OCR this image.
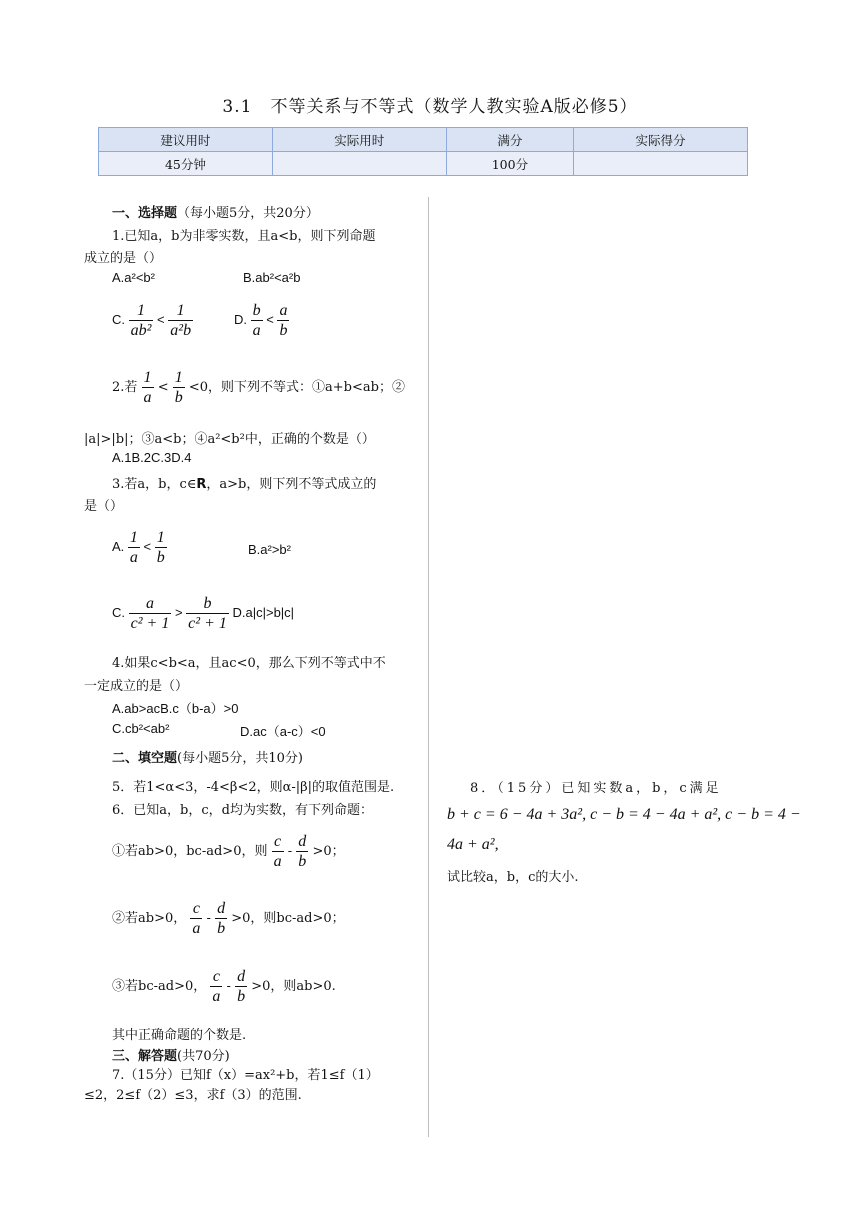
3.1　不等关系与不等式（数学人教实验A版必修5）
建议用时	实际用时	满分	实际得分
45分钟		100分	
一、选择题（每小题5分，共20分）
1.已知a，b为非零实数，且a<b，则下列命题
成立的是（）
A.a²<b²	B.ab²<a²b
C. $\frac{1}{\text{ab²}} < \frac{1}{\text{a²b}}$	D. $\frac{b}{a} < \frac{a}{b}$
2.若 $\frac{1}{a} < \frac{1}{b} <0$，则下列不等式：①a+b<ab；②
|a|>|b|；③a<b；④a²<b²中，正确的个数是（）
A.1B.2C.3D.4
3.若a，b，c∈R，a>b，则下列不等式成立的
是（）
A. $\frac{1}{a} < \frac{1}{b}$	B.a²>b²
C. $\frac{a}{\text{c² + 1}} > \frac{b}{\text{c² + 1}} D.a|c|>b|c|$
4.如果c<b<a，且ac<0，那么下列不等式中不
一定成立的是（）
A.ab>acB.c（b-a）>0
C.cb²<ab²	D.ac（a-c）<0
二、填空题(每小题5分，共10分)
5．若1<α<3，-4<β<2，则α-|β|的取值范围是.
6．已知a，b，c，d均为实数，有下列命题：
①若ab>0，bc-ad>0，则 $\frac{c}{a} - \frac{d}{b} >0$；
②若ab>0， $\frac{c}{a} - \frac{d}{b} >0$，则bc-ad>0；
③若bc-ad>0， $\frac{c}{a} - \frac{d}{b} >0$，则ab>0.
其中正确命题的个数是.
三、解答题(共70分)
7.（15分）已知f（x）=ax²+b，若1≤f（1）
≤2，2≤f（2）≤3，求f（3）的范围.
8．（15分）已知实数a，b，c满足
b + c = 6 − 4a + 3a², c − b = 4 − 4a + a², c − b = 4 −
4a + a²,
试比较a，b，c的大小.
